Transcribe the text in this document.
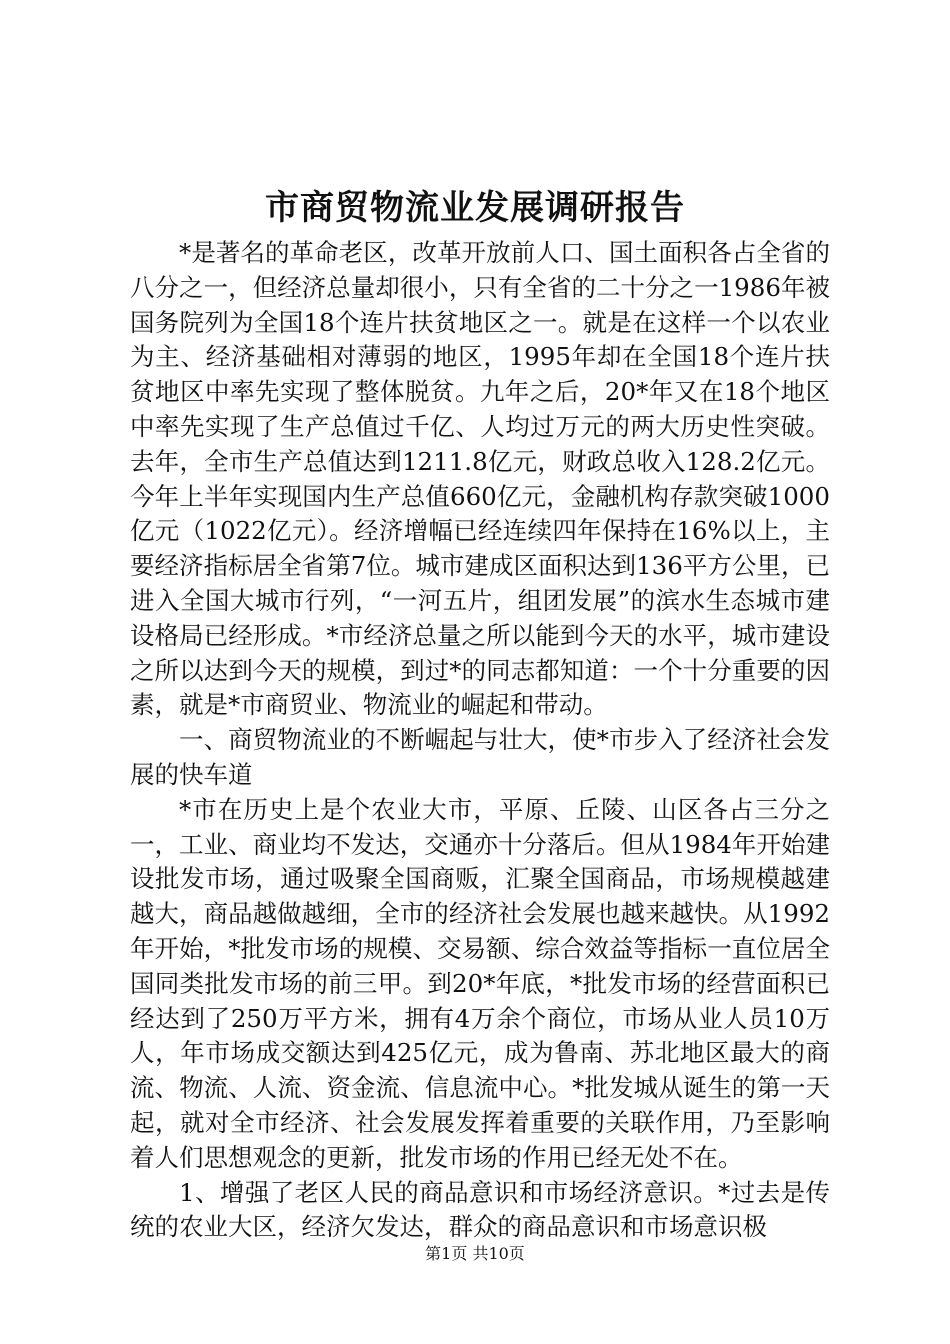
市商贸物流业发展调研报告

*是著名的革命老区，改革开放前人口、国土面积各占全省的八分之一，但经济总量却很小，只有全省的二十分之一1986年被国务院列为全国18个连片扶贫地区之一。就是在这样一个以农业为主、经济基础相对薄弱的地区，1995年却在全国18个连片扶贫地区中率先实现了整体脱贫。九年之后，20*年又在18个地区中率先实现了生产总值过千亿、人均过万元的两大历史性突破。去年，全市生产总值达到1211.8亿元，财政总收入128.2亿元。今年上半年实现国内生产总值660亿元，金融机构存款突破1000亿元（1022亿元）。经济增幅已经连续四年保持在16%以上，主要经济指标居全省第7位。城市建成区面积达到136平方公里，已进入全国大城市行列，“一河五片，组团发展”的滨水生态城市建设格局已经形成。*市经济总量之所以能到今天的水平，城市建设之所以达到今天的规模，到过*的同志都知道：一个十分重要的因素，就是*市商贸业、物流业的崛起和带动。

一、商贸物流业的不断崛起与壮大，使*市步入了经济社会发展的快车道

*市在历史上是个农业大市，平原、丘陵、山区各占三分之一，工业、商业均不发达，交通亦十分落后。但从1984年开始建设批发市场，通过吸聚全国商贩，汇聚全国商品，市场规模越建越大，商品越做越细，全市的经济社会发展也越来越快。从1992年开始，*批发市场的规模、交易额、综合效益等指标一直位居全国同类批发市场的前三甲。到20*年底，*批发市场的经营面积已经达到了250万平方米，拥有4万余个商位，市场从业人员10万人，年市场成交额达到425亿元，成为鲁南、苏北地区最大的商流、物流、人流、资金流、信息流中心。*批发城从诞生的第一天起，就对全市经济、社会发展发挥着重要的关联作用，乃至影响着人们思想观念的更新，批发市场的作用已经无处不在。

1、增强了老区人民的商品意识和市场经济意识。*过去是传统的农业大区，经济欠发达，群众的商品意识和市场意识极

第1页 共10页
